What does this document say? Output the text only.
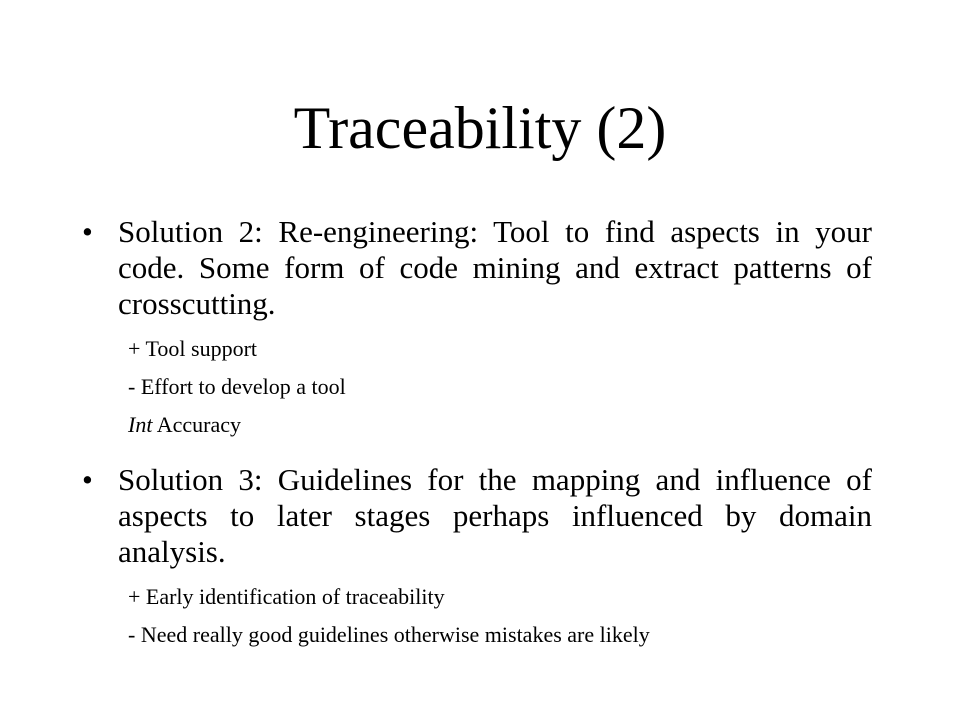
Traceability (2)
• Solution 2: Re-engineering: Tool to find aspects in your code. Some form of code mining and extract patterns of crosscutting.
+ Tool support
- Effort to develop a tool
Int Accuracy
• Solution 3: Guidelines for the mapping and influence of aspects to later stages perhaps influenced by domain analysis.
+ Early identification of traceability
- Need really good guidelines otherwise mistakes are likely
